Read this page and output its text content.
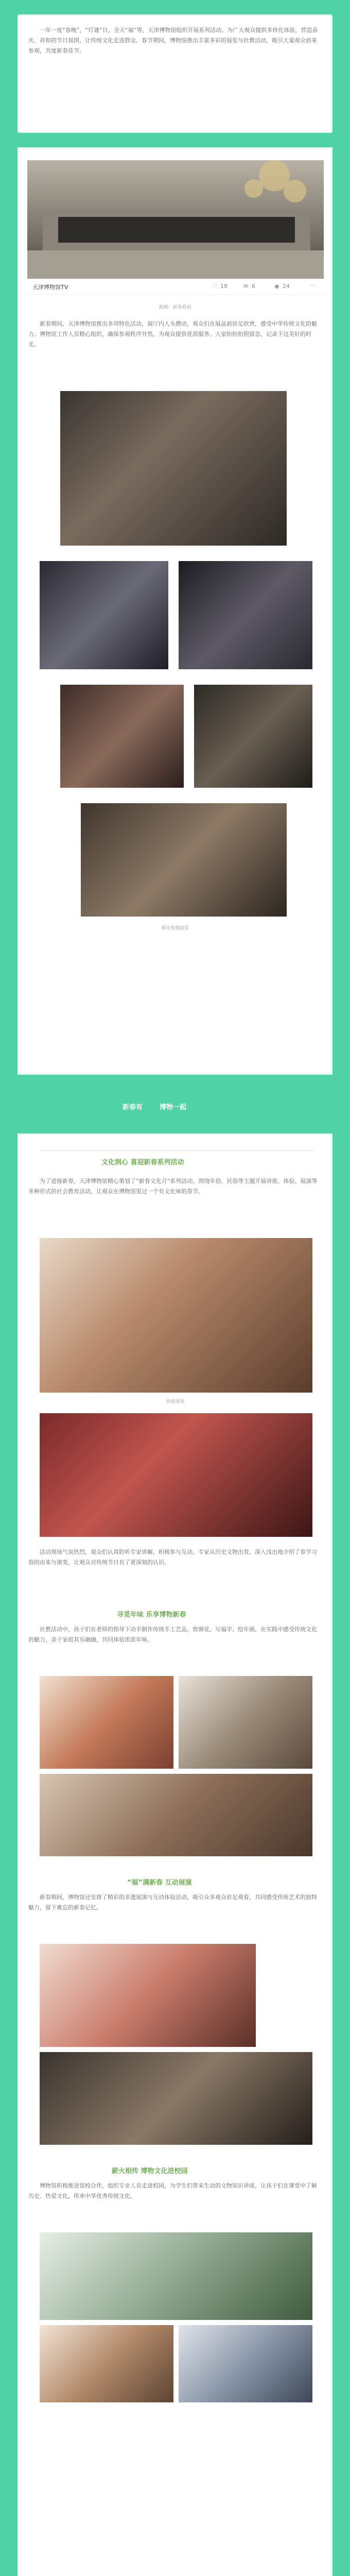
一年一度“春晚”，“灯谜”日，全天“福”等，天津博物馆组织开展系列活动。为广大观众提供多样化体验，营造喜庆、祥和的节日氛围，让传统文化走进群众。春节期间，博物馆推出丰富多彩的展览与社教活动，吸引大量观众前来参观，共度新春佳节。
天津博物馆TV	♡ 18	✉ 6	◉ 24	⋯
视频：新春看展
新春期间，天津博物馆推出多项特色活动，展厅内人头攒动，观众们在展品前驻足欣赏，感受中华传统文化的魅力。博物馆工作人员精心组织，确保参观秩序井然，为观众提供优质服务。大家纷纷拍照留念，记录下这美好的时光。
观众参观展览
新春有	博物一起
文化润心 喜迎新春系列活动
为了迎接新春，天津博物馆精心策划了“新春文化月”系列活动，围绕年俗、民俗等主题开展讲座、体验、展演等多种形式的社会教育活动，让观众在博物馆里过一个有文化味的春节。
讲座现场
活动现场气氛热烈，观众们认真聆听专家讲解，积极参与互动。专家从历史文物出发，深入浅出地介绍了春节习俗的由来与演变，让观众对传统节日有了更深刻的认识。
寻觅年味 乐享博物新春
社教活动中，孩子们在老师的指导下动手制作传统手工艺品，剪窗花、写福字、绘年画，在实践中感受传统文化的魅力，亲子家庭其乐融融，共同体验浓浓年味。
“福”满新春 互动展演
新春期间，博物馆还安排了精彩的非遗展演与互动体验活动，吸引众多观众驻足观看，共同感受传统艺术的独特魅力，留下难忘的新春记忆。
薪火相传 博物文化进校园
博物馆积极推进馆校合作，组织专业人员走进校园，为学生们带来生动的文物知识讲座，让孩子们在课堂中了解历史、热爱文化，传承中华优秀传统文化。
